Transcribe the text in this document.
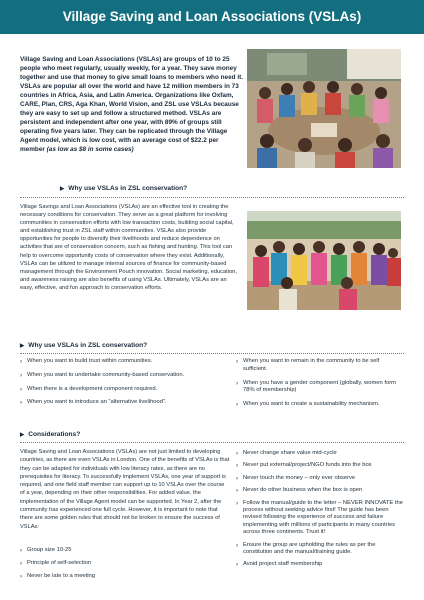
Village Saving and Loan Associations (VSLAs)

Village Saving and Loan Associations (VSLAs) are groups of 10 to 25 people who meet regularly, usually weekly, for a year. They save money together and use that money to give small loans to members who need it. VSLAs are popular all over the world and have 12 million members in 73 countries in Africa, Asia, and Latin America. Organizations like Oxfam, CARE, Plan, CRS, Aga Khan, World Vision, and ZSL use VSLAs because they are easy to set up and follow a structured method. VSLAs are persistent and independent after one year, with 89% of groups still operating five years later. They can be replicated through the Village Agent model, which is low cost, with an average cost of $22.2 per member (as low as $8 in some cases)

▶ Why use VSLAs in ZSL conservation?

Village Savings and Loan Associations (VSLAs) are an effective tool in creating the necessary conditions for conservation. They serve as a great platform for involving communities in conservation efforts with low transaction costs, building social capital, and establishing trust in ZSL staff within communities. VSLAs also provide opportunities for people to diversify their livelihoods and reduce dependence on activities that are of conservation concern, such as fishing and hunting. This tool can help to overcome opportunity costs of conservation where they exist. Additionally, VSLAs can be utilized to manage internal sources of finance for community-based management through the Environment Pouch innovation. Social marketing, education, and awareness raising are also benefits of using VSLAs. Ultimately, VSLAs are an easy, effective, and fun approach to conservation efforts.

▶ Why use VSLAs in ZSL conservation?
› When you want to build trust within communities.
› When you want to undertake community-based conservation.
› When there is a development component required.
› When you want to introduce an “alternative livelihood”.
› When you want to remain in the community to be self sufficient.
› When you have a gender component (globally, women form 78% of membership)
› When you want to create a sustainability mechanism.
▶ Considerations?

Village Saving and Loan Associations (VSLAs) are not just limited to developing countries, as there are even VSLAs in London. One of the benefits of VSLAs is that they can be adapted for individuals with low literacy rates, as there are no prerequisites for literacy. To successfully implement VSLAs, one year of support is required, and one field staff member can support up to 10 VSLAs over the course of a year, depending on their other responsibilities. For added value, the implementation of the Village Agent model can be supported. In Year 2, after the community has experienced one full cycle. However, it is important to note that there are some golden rules that should not be broken to ensure the success of VSLAs:

› Group size 10-25
› Principle of self-selection
› Never be late to a meeting
› Never change share value mid-cycle
› Never put external/project/NGO funds into the box
› Never touch the money – only ever observe
› Never do other business when the box is open
› Follow the manual/guide to the letter – NEVER INNOVATE the process without seeking advice first! The guide has been revised following the experience of success and failure implementing with millions of participants in many countries across three continents. Trust it!
› Ensure the group are upholding the rules as per the constitution and the manual/training guide.
› Avoid project staff membership
